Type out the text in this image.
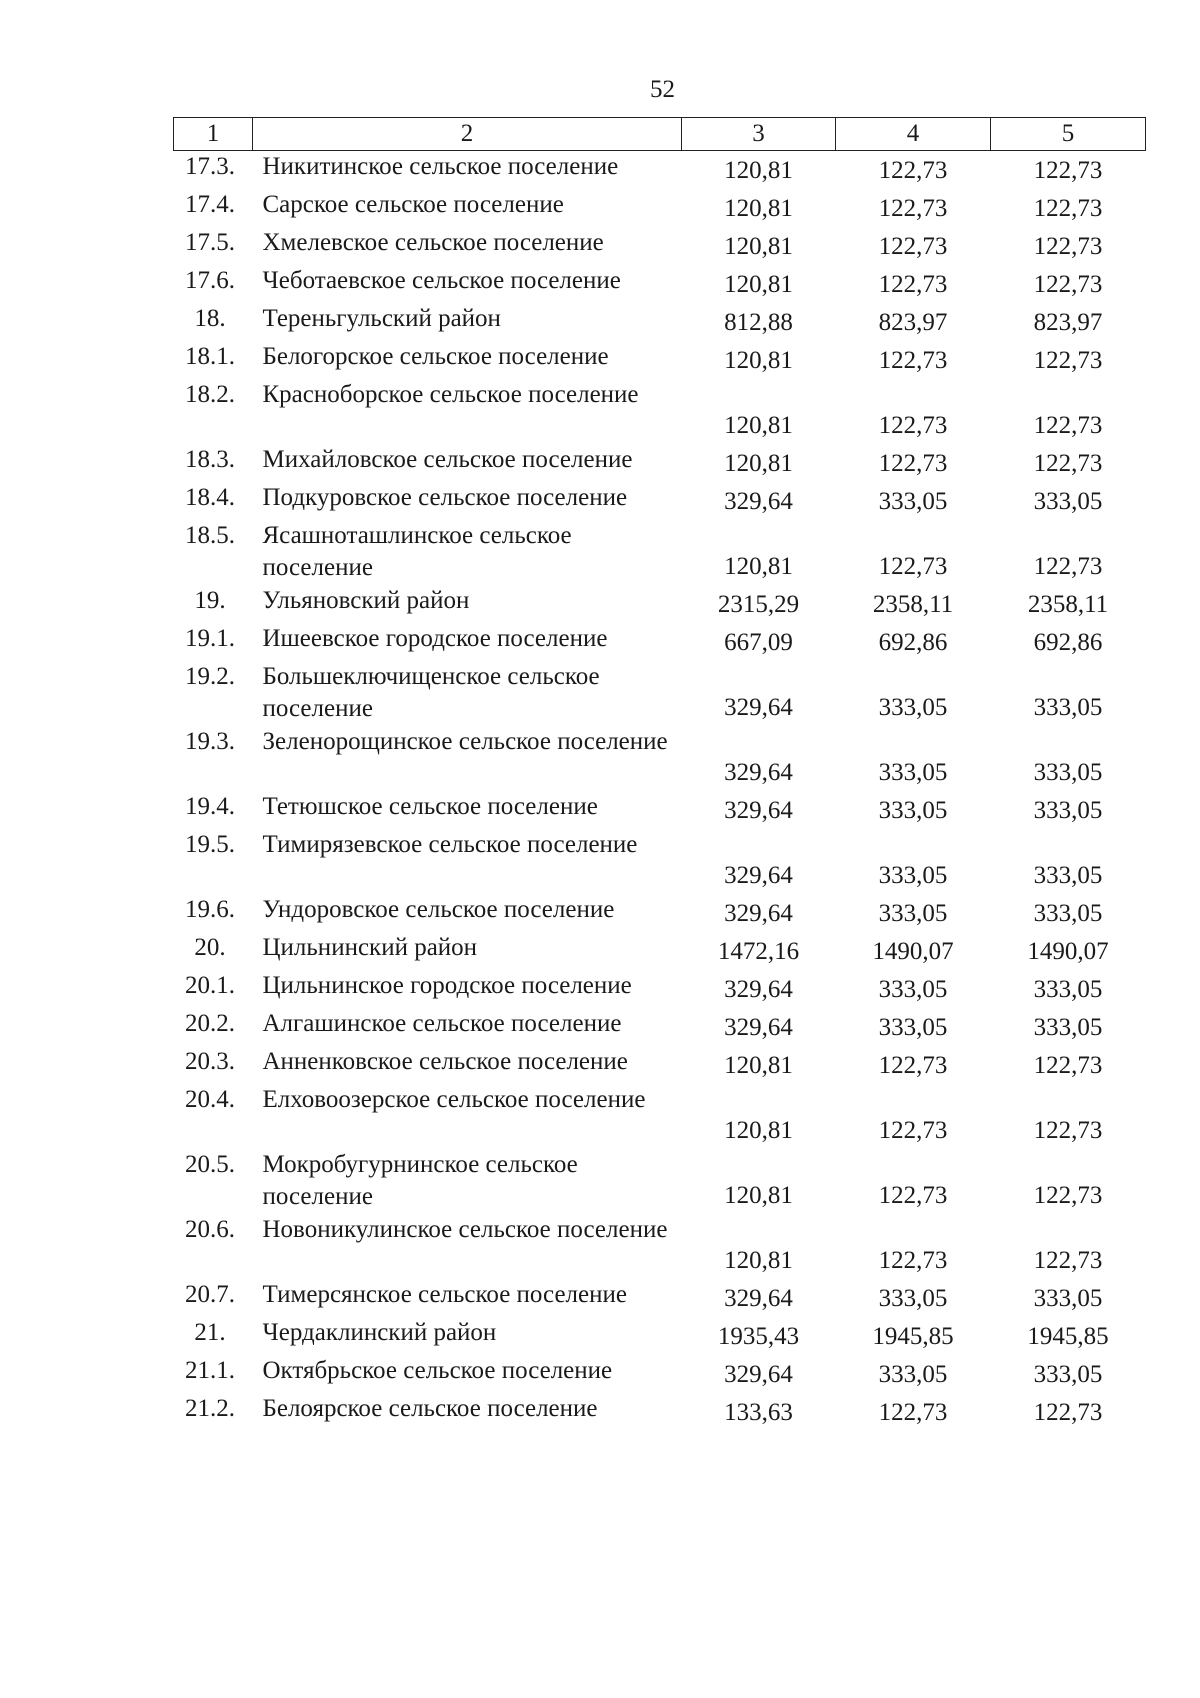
52
1	2	3	4	5
17.3.	Никитинское сельское поселение	120,81	122,73	122,73
17.4.	Сарское сельское поселение	120,81	122,73	122,73
17.5.	Хмелевское сельское поселение	120,81	122,73	122,73
17.6.	Чеботаевское сельское поселение	120,81	122,73	122,73
18.	Тереньгульский район	812,88	823,97	823,97
18.1.	Белогорское сельское поселение	120,81	122,73	122,73
18.2.	Красноборское сельское поселение	120,81	122,73	122,73
18.3.	Михайловское сельское поселение	120,81	122,73	122,73
18.4.	Подкуровское сельское поселение	329,64	333,05	333,05
18.5.	Ясашноташлинское сельское поселение	120,81	122,73	122,73
19.	Ульяновский район	2315,29	2358,11	2358,11
19.1.	Ишеевское городское поселение	667,09	692,86	692,86
19.2.	Большеключищенское сельское поселение	329,64	333,05	333,05
19.3.	Зеленорощинское сельское поселение	329,64	333,05	333,05
19.4.	Тетюшское сельское поселение	329,64	333,05	333,05
19.5.	Тимирязевское сельское поселение	329,64	333,05	333,05
19.6.	Ундоровское сельское поселение	329,64	333,05	333,05
20.	Цильнинский район	1472,16	1490,07	1490,07
20.1.	Цильнинское городское поселение	329,64	333,05	333,05
20.2.	Алгашинское сельское поселение	329,64	333,05	333,05
20.3.	Анненковское сельское поселение	120,81	122,73	122,73
20.4.	Елховоозерское сельское поселение	120,81	122,73	122,73
20.5.	Мокробугурнинское сельское поселение	120,81	122,73	122,73
20.6.	Новоникулинское сельское поселение	120,81	122,73	122,73
20.7.	Тимерсянское сельское поселение	329,64	333,05	333,05
21.	Чердаклинский район	1935,43	1945,85	1945,85
21.1.	Октябрьское сельское поселение	329,64	333,05	333,05
21.2.	Белоярское сельское поселение	133,63	122,73	122,73
